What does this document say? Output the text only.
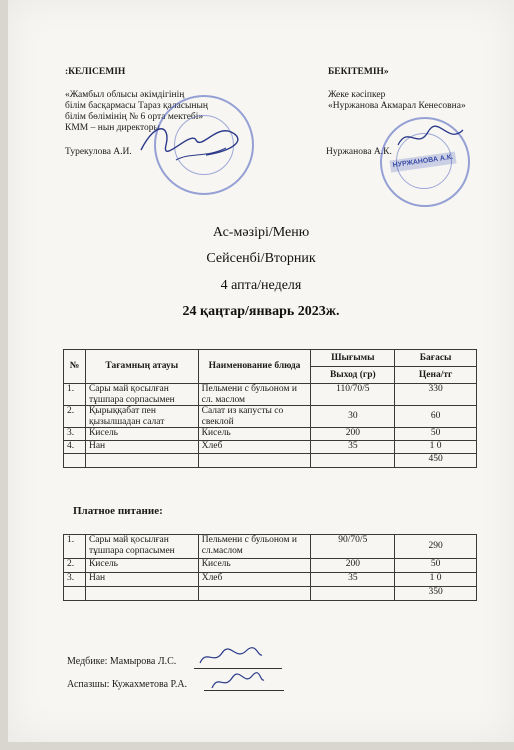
:КЕЛІСЕМІН
«Жамбыл облысы әкімдігінің
білім басқармасы Тараз қаласының
білім бөлімінің № 6 орта мектебі»
КММ – нын директоры
Турекулова А.И.
БЕКІТЕМІН»
Жеке кәсіпкер
«Нуржанова Акмарал Кенесовна»
Нуржанова А.К.
НУРЖАНОВА А.К.
Ас-мәзірі/Меню
Сейсенбі/Вторник
4 апта/неделя
24 қаңтар/январь 2023ж.
№	Тағамның атауы	Наименование блюда	Шығымы	Бағасы
			Выход (гр)	Цена/тг
1.	Сары май қосылған тұшпара сорпасымен	Пельмени с бульоном и сл. маслом	110/70/5	330
2.	Қырыққабат пен қызылшадан салат	Салат из капусты со свеклой	30	60
3.	Кисель	Кисель	200	50
4.	Нан	Хлеб	35	1 0
				450
Платное питание:
1.	Сары май қосылған тұшпара сорпасымен	Пельмени с бульоном и сл.маслом	90/70/5	290
2.	Кисель	Кисель	200	50
3.	Нан	Хлеб	35	1 0
				350
Медбике: Мамырова Л.С.
Аспазшы: Кужахметова Р.А.
